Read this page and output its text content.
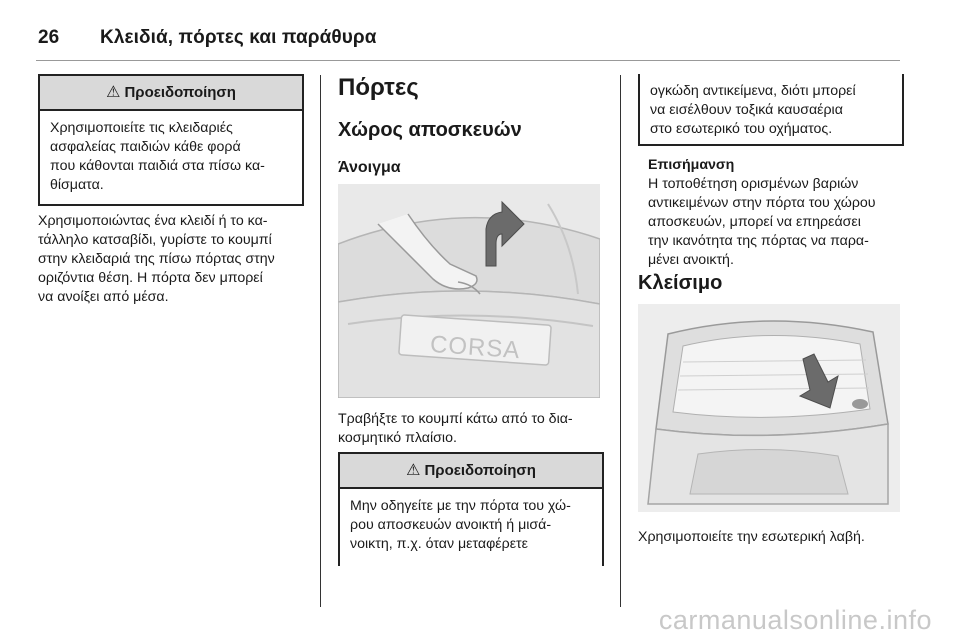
26	Κλειδιά, πόρτες και παράθυρα
⚠ Προειδοποίηση
Χρησιμοποιείτε τις κλειδαριές
ασφαλείας παιδιών κάθε φορά
που κάθονται παιδιά στα πίσω κα-
θίσματα.
Χρησιμοποιώντας ένα κλειδί ή το κα-
τάλληλο κατσαβίδι, γυρίστε το κουμπί
στην κλειδαριά της πίσω πόρτας στην
οριζόντια θέση. Η πόρτα δεν μπορεί
να ανοίξει από μέσα.
Πόρτες
Χώρος αποσκευών
Άνοιγμα
CORSA
Τραβήξτε το κουμπί κάτω από το δια-
κοσμητικό πλαίσιο.
⚠ Προειδοποίηση
Μην οδηγείτε με την πόρτα του χώ-
ρου αποσκευών ανοικτή ή μισά-
νοικτη, π.χ. όταν μεταφέρετε
ογκώδη αντικείμενα, διότι μπορεί
να εισέλθουν τοξικά καυσαέρια
στο εσωτερικό του οχήματος.
Επισήμανση
Η τοποθέτηση ορισμένων βαριών
αντικειμένων στην πόρτα του χώρου
αποσκευών, μπορεί να επηρεάσει
την ικανότητα της πόρτας να παρα-
μένει ανοικτή.
Κλείσιμο
Χρησιμοποιείτε την εσωτερική λαβή.
carmanualsonline.info
